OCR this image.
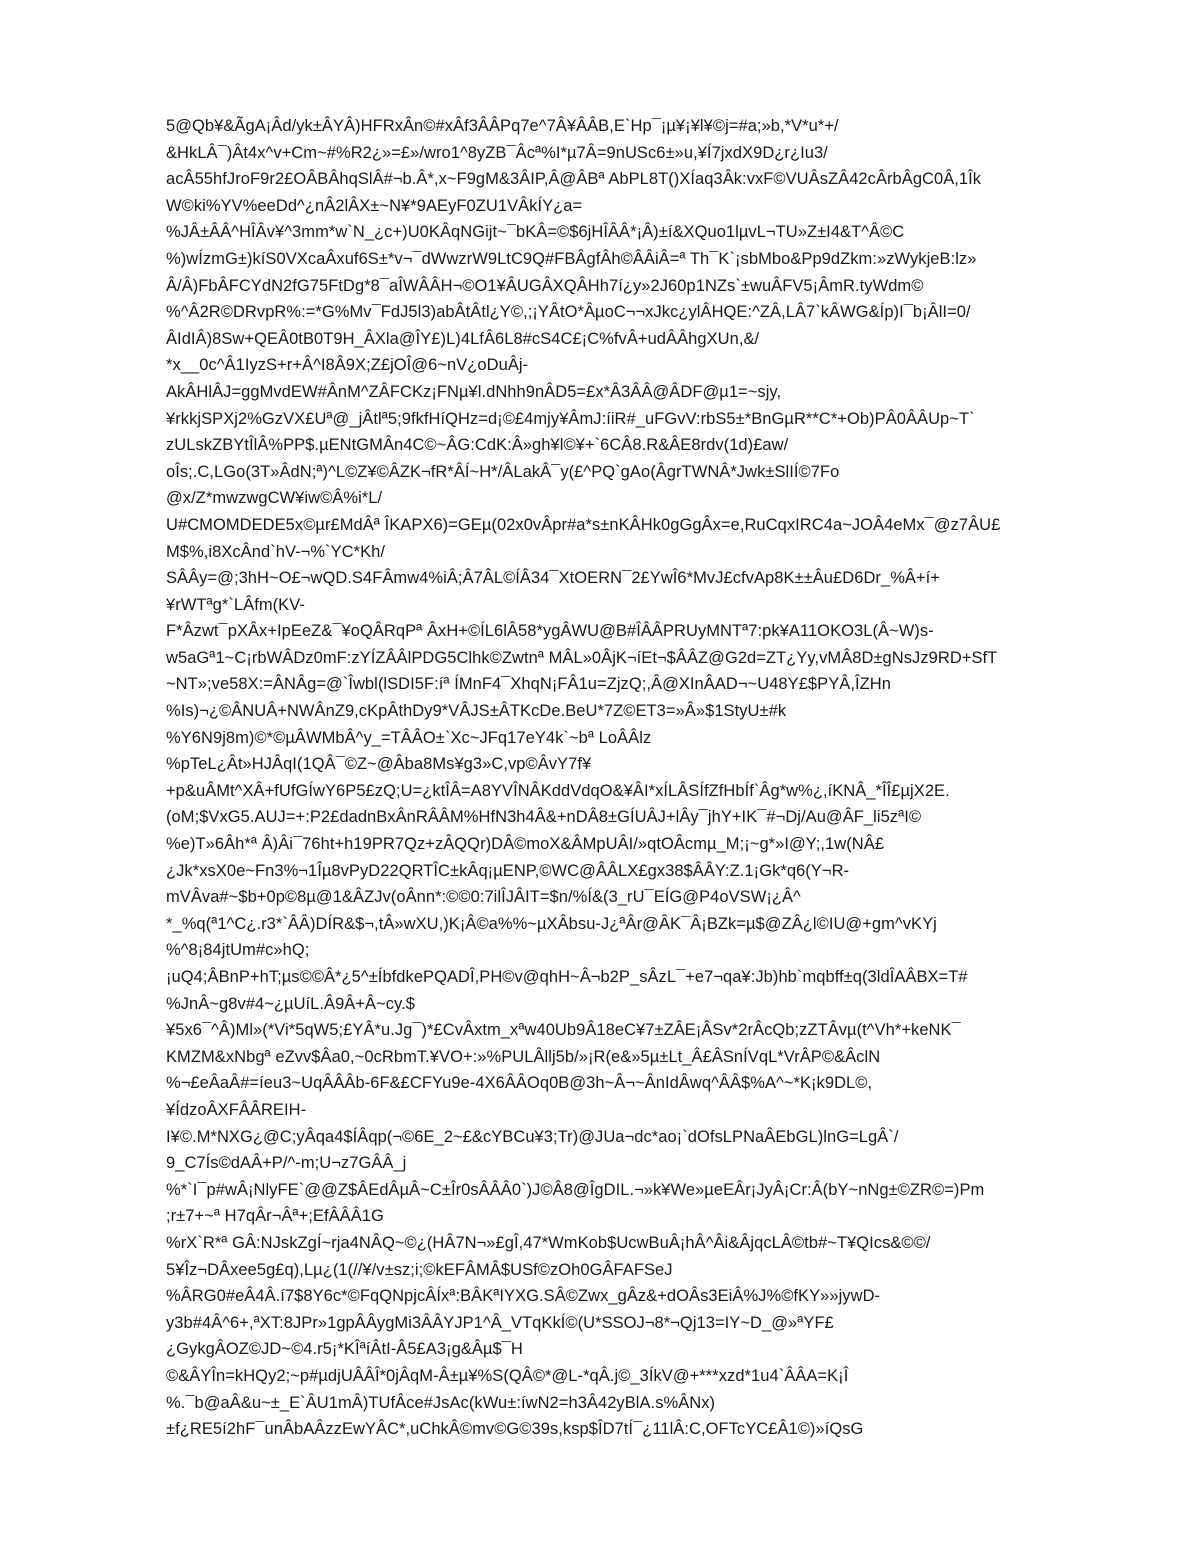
5@Qb¥&ÃgA¡Âd/yk±ÂYÂ)HFRxÂn©#xÂf3ÂÂPq7e^7Â¥ÂÂB,E`Hp¯¡µ¥¡¥l¥©j=#a;»b,*V*u*+/
&HkLÂ¯)Ât4x^v+Cm~#%R2¿»=£»/wro1^8yZB¯Âcª%I*µ7Â=9nUSc6±»u,¥Í7jxdX9D¿r¿Iu3/
acÂ55hfJroF9r2£OÂBÂhqSlÂ#¬b.Â*,x~F9gM&3ÂIP,Â@ÂBª AbPL8T()XÍaq3Âk:vxF©VUÂsZÂ42cÂrbÂgC0Â,1Îk
W©ki%YV%eeDd^¿nÂ2lÂX±~N¥*9AEyF0ZU1VÂkÍY¿a=
%JÂ±ÂÂ^HÎÂv¥^3mm*w`N_¿c+)U0KÂqNGijt~¯bKÂ=©$6jHÎÂÂ*¡Â)±í&XQuo1lµvL¬TU»Z±I4&T^Â©C
%)wÍzmG±)kíS0VXcaÂxuf6S±*v¬¯dWwzrW9LtC9Q#FBÂgfÂh©ÂÂiÂ=ª Th¯K`¡sbMbo&Pp9dZkm:»zWykjeB:lz»
Â/Â)FbÂFCYdN2fG75FtDg*8¯aÎWÂÂH¬©O1¥ÂUGÂXQÂHh7í¿y»2J60p1NZs`±wuÂFV5¡ÂmR.tyWdm©
%^Â2R©DRvpR%:=*G%Mv¯FdJ5l3)abÂtÂtl¿Y©,;¡YÂtO*ÂµoC¬¬xJkc¿ylÂHQE:^ZÂ,LÂ7`kÂWG&Íp)I¯b¡ÂlI=0/
ÂIdIÂ)8Sw+QEÂ0tB0T9H_ÂXla@ÎY£)L)4LfÂ6L8#cS4C£¡C%fvÂ+udÂÂhgXUn,&/
*x__0c^Â1IyzS+r+Â^I8Â9X;Z£jOÎ@6~nV¿oDuÂj-
AkÂHlÂJ=ggMvdEW#ÂnM^ZÂFCKz¡FNµ¥l.dNhh9nÂD5=£x*Â3ÂÂ@ÂDF@µ1=~sjy,
¥rkkjSPXj2%GzVX£Uª@_jÂtlª5;9fkfHíQHz=d¡©£4mjy¥ÂmJ:íiR#_uFGvV:rbS5±*BnGµR**C*+Ob)PÂ0ÂÂUp~T`
zULskZBYtÎlÂ%PP$.µENtGMÂn4C©~ÂG:CdK:Â»gh¥l©¥+`6CÂ8.R&ÂE8rdv(1d)£aw/
oÎs;.C,LGo(3T»ÂdN;ª)^L©Z¥©ÂZK¬fR*ÂÍ~H*/ÂLakÂ¯y(£^PQ`gAo(ÂgrTWNÂ*Jwk±SlIÍ©7Fo
@x/Z*mwzwgCW¥iw©Â%i*L/
U#CMOMDEDE5x©µr£MdÂª ÎKAPX6)=GEµ(02x0vÂpr#a*s±nKÂHk0gGgÂx=e,RuCqxIRC4a~JOÂ4eMx¯@z7ÂU£
M$%,i8XcÂnd`hV-¬%`YC*Kh/
SÂÂy=@;3hH~O£¬wQD.S4FÂmw4%iÂ;Â7ÂL©ÍÂ34¯XtOERN¯2£YwÎ6*MvJ£cfvAp8K±±Âu£D6Dr_%Â+í+
¥rWTªg*`LÂfm(KV-
F*Âzwt¯pXÂx+IpEeZ&¯¥oQÂRqPª ÂxH+©ÍL6lÂ58*ygÂWU@B#ÎÂÂPRUyMNTª7:pk¥A11OKO3L(Â~W)s-
w5aGª1~C¡rbWÂDz0mF:zYÍZÂÂlPDG5Clhk©Zwtnª MÂL»0ÂjK¬íEt¬$ÂÂZ@G2d=ZT¿Yy,vMÂ8D±gNsJz9RD+SfT
~NT»;ve58X:=ÂNÂg=@`Îwbl(lSDI5F:íª ÍMnF4¯XhqN¡FÂ1u=ZjzQ;,Â@XInÂAD¬~U48Y£$PYÂ,ÎZHn
%Is)¬¿©ÂNUÂ+NWÂnZ9,cKpÂthDy9*VÂJS±ÂTKcDe.BeU*7Z©ET3=»Â»$1StyU±#k
%Y6N9j8m)©*©µÂWMbÂ^y_=TÂÂO±`Xc~JFq17eY4k`~bª LoÂÂlz
%pTeL¿Ât»HJÂqI(1QÂ¯©Z~@Âba8Ms¥g3»C,vp©ÂvY7f¥
+p&uÂMt^XÂ+fUfGÍwY6P5£zQ;U=¿ktÎÂ=A8YVÎNÂKddVdqO&¥ÂI*xÍLÂSÍfZfHbÍf`Âg*w%¿,íKNÂ_*ÎÎ£µjX2E.
(oM;$VxG5.AUJ=+:P2£dadnBxÂnRÂÂM%HfN3h4Â&+nDÂ8±GÍUÂJ+lÂy¯jhY+IK¯#¬Dj/Au@ÂF_li5zªI©
%e)T»6Âh*ª Â)Âi¯76ht+h19PR7Qz+zÂQQr)DÂ©moX&ÂMpUÂI/»qtOÂcmµ_M;¡~g*»I@Y;,1w(NÂ£
¿Jk*xsX0e~Fn3%¬1Îµ8vPyD22QRTÎC±kÂq¡µENP,©WC@ÂÂLX£gx38$ÂÂY:Z.1¡Gk*q6(Y¬R-
mVÂva#~$b+0p©8µ@1&ÂZJv(oÂnn*:©©0:7ilÎJÂIT=$n/%Í&(3_rU¯EÍG@P4oVSW¡¿Â^
*_%q(ª1^C¿.r3*`ÂÂ)DÍR&$¬,tÂ»wXU,)K¡Â©a%%~µXÂbsu-J¿ªÂr@ÂK¯Â¡BZk=µ$@ZÂ¿l©IU@+gm^vKYj
%^8¡84jtUm#c»hQ;
¡uQ4;ÂBnP+hT;µs©©Â*¿5^±ÍbfdkePQADÎ,PH©v@qhH~Â¬b2P_sÂzL¯+e7¬qa¥:Jb)hb`mqbff±q(3ldÎAÂBX=T#
%JnÂ~g8v#4~¿µUíL.Â9Â+Â~cy.$
¥5x6¯^Â)Ml»(*Vi*5qW5;£YÂ*u.Jg¯)*£CvÂxtm_xªw40Ub9Â18eC¥7±ZÂE¡ÂSv*2rÂcQb;zZTÂvµ(t^Vh*+keNK¯
KMZM&xNbgª eZvv$Âa0,~0cRbmT.¥VO+:»%PULÂllj5b/»¡R(e&»5µ±Lt_Â£ÂSnÍVqL*VrÂP©&ÂclN
%¬£eÂaÂ#=íeu3~UqÂÂÂb-6F&£CFYu9e-4X6ÂÂOq0B@3h~Â¬~ÂnIdÂwq^ÂÂ$%A^~*K¡k9DL©,
¥ÍdzoÂXFÂÂREIH-
I¥©.M*NXG¿@C;yÂqa4$ÍÂqp(¬©6E_2~£&cYBCu¥3;Tr)@JUa¬dc*ao¡`dOfsLPNaÂEbGL)lnG=LgÂ`/
9_C7Ís©dAÂ+P/^-m;U¬z7GÂÂ_j
%*`I¯p#wÂ¡NlyFE`@@Z$ÂEdÂµÂ~C±Îr0sÂÂÂ0`)J©Â8@ÎgDIL.¬»k¥We»µeEÂr¡JyÂ¡Cr:Â(bY~nNg±©ZR©=)Pm
;r±7+~ª H7qÂr¬Âª+;EfÂÂÂ1G
%rX`R*ª GÂ:NJskZgÍ~rja4NÂQ~©¿(HÂ7N¬»£gÎ,47*WmKob$UcwBuÂ¡hÂ^Âi&ÂjqcLÂ©tb#~T¥QIcs&©©/
5¥Îz¬DÂxee5g£q),Lµ¿(1(//¥/v±sz;i;©kEFÂMÂ$USf©zOh0GÂFAFSeJ
%ÂRG0#eÂ4Â.í7$8Y6c*©FqQNpjcÂÍxª:BÂKªIYXG.SÂ©Zwx_gÂz&+dOÂs3EiÂ%J%©fKY»»jywD-
y3b#4Â^6+,ªXT:8JPr»1gpÂÂygMi3ÂÂYJP1^Â_VTqKkÍ©(U*SSOJ¬8*¬Qj13=IY~D_@»ªYF£
¿GykgÂOZ©JD~©4.r5¡*KÎªíÂtI-Â5£A3¡g&Âµ$¯H
©&ÂYÎn=kHQy2;~p#µdjUÂÂÎ*0jÂqM-Â±µ¥%S(QÂ©*@L-*qÂ.j©_3ÍkV@+***xzd*1u4`ÂÂA=K¡Î
%.¯b@aÂ&u~±_E`ÂU1mÂ)TUfÂce#JsAc(kWu±:íwN2=h3Â42yBlA.s%ÂNx)
±f¿RE5í2hF¯unÂbAÂzzEwYÂC*,uChkÂ©mv©G©39s,ksp$ÎD7tÍ¯¿11lÂ:C,OFTcYC£Â1©)»íQsG
